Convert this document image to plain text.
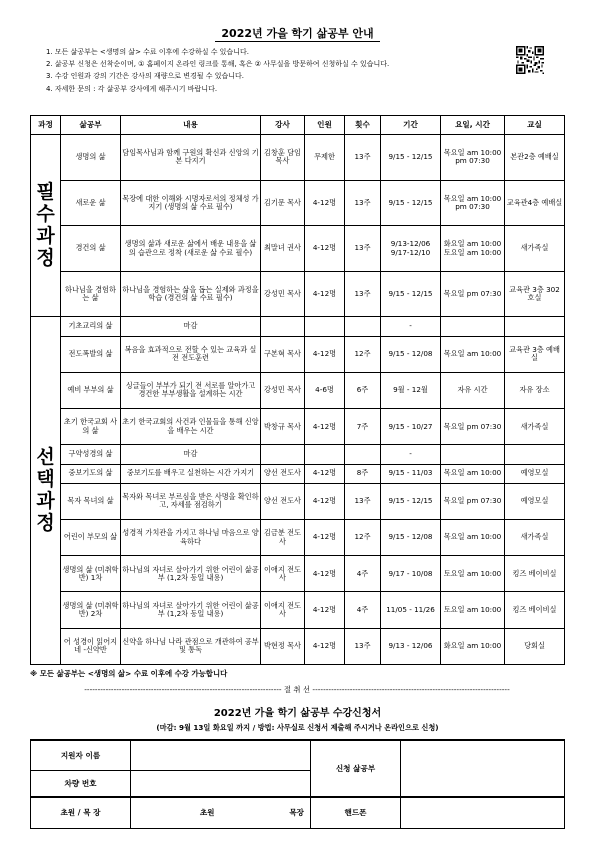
2022년 가을 학기 삶공부 안내
1. 모든 삶공부는 <생명의 삶> 수료 이후에 수강하실 수 있습니다.
2. 삶공부 신청은 선착순이며, ① 홈페이지 온라인 링크를 통해, 혹은 ② 사무실을 방문하여 신청하실 수 있습니다.
3. 수강 인원과 강의 기간은 강사의 재량으로 변경될 수 있습니다.
4. 자세한 문의 : 각 삶공부 강사에게 해주시기 바랍니다.
과정	삶공부	내용	강사	인원	횟수	기간	요일, 시간	교실
필
수
과
정	생명의 삶	담임목사님과 함께 구원의 확신과 신앙의 기본 다지기	김창훈 담임목사	무제한	13주	9/15 - 12/15	목요일 am 10:00 pm 07:30	본관2층 예배실
	새로운 삶	목장에 대한 이해와 시명자로서의 정체성 가지기 (생명의 삶 수료 필수)	김기문 목사	4-12명	13주	9/15 - 12/15	목요일 am 10:00 pm 07:30	교육관4층 예배실
	경건의 삶	생명의 삶과 새로운 삶에서 배운 내용을 삶의 습관으로 정착 (새로운 삶 수료 필수)	최말녀 권사	4-12명	13주	9/13-12/06 9/17-12/10	화요일 am 10:00 토요일 am 10:00	새가족실
	하나님을 경험하는 삶	하나님을 경험하는 삶을 돕는 실제와 과정을 학습 (경건의 삶 수료 필수)	강성민 목사	4-12명	13주	9/15 - 12/15	목요일 pm 07:30	교육관 3층 302호실
선
택
과
정	기초교리의 삶	마감				-		
	전도폭발의 삶	복음을 효과적으로 전할 수 있는 교육과 실전 전도훈련	구본혁 목사	4-12명	12주	9/15 - 12/08	목요일 am 10:00	교육관 3층 예배실
	예비 부부의 삶	싱글들이 부부가 되기 전 서로를 알아가고 경건한 부부생활을 설계하는 시간	강성민 목사	4-6명	6주	9월 - 12월	자유 시간	자유 장소
	초기 한국교회 사의 삶	초기 한국교회의 사건과 인물들을 통해 신앙을 배우는 시간	박창규 목사	4-12명	7주	9/15 - 10/27	목요일 pm 07:30	새가족실
	구약성경의 삶	마감				-		
	중보기도의 삶	중보기도를 배우고 실천하는 시간 가지기	양선 전도사	4-12명	8주	9/15 - 11/03	목요일 am 10:00	예영모실
	목자 목녀의 삶	목자와 목녀로 부르심을 받은 사명을 확인하고, 자세를 점검하기	양선 전도사	4-12명	13주	9/15 - 12/15	목요일 pm 07:30	예영모실
	어린이 부모의 삶	성경적 가치관을 가지고 하나님 마음으로 양육하다	김금분 전도사	4-12명	12주	9/15 - 12/08	목요일 am 10:00	새가족실
	생명의 삶 (미취학반) 1차	하나님의 자녀로 살아가기 위한 어린이 삶공부 (1,2차 동일 내용)	이애지 전도사	4-12명	4주	9/17 - 10/08	토요일 am 10:00	킹즈 베이비실
	생명의 삶 (미취학반) 2차	하나님의 자녀로 살아가기 위한 어린이 삶공부 (1,2차 동일 내용)	이애지 전도사	4-12명	4주	11/05 - 11/26	토요일 am 10:00	킹즈 베이비실
	어 성경이 읽어지네 -신약반	신약을 하나님 나라 관점으로 개관하여 공부 및 통독	박현정 목사	4-12명	13주	9/13 - 12/06	화요일 am 10:00	당회실
※ 모든 삶공부는 <생명의 삶> 수료 이후에 수강 가능합니다
-------------------------------------------------------------------------- 절 취 선 --------------------------------------------------------------------------
2022년 가을 학기 삶공부 수강신청서
(마감: 9월 13일 화요일 까지 / 방법: 사무실로 신청서 제출해 주시거나 온라인으로 신청)
지원자 이름			신청 삶공부	
차량 번호				
초원 / 목 장	초원	목장	핸드폰	
